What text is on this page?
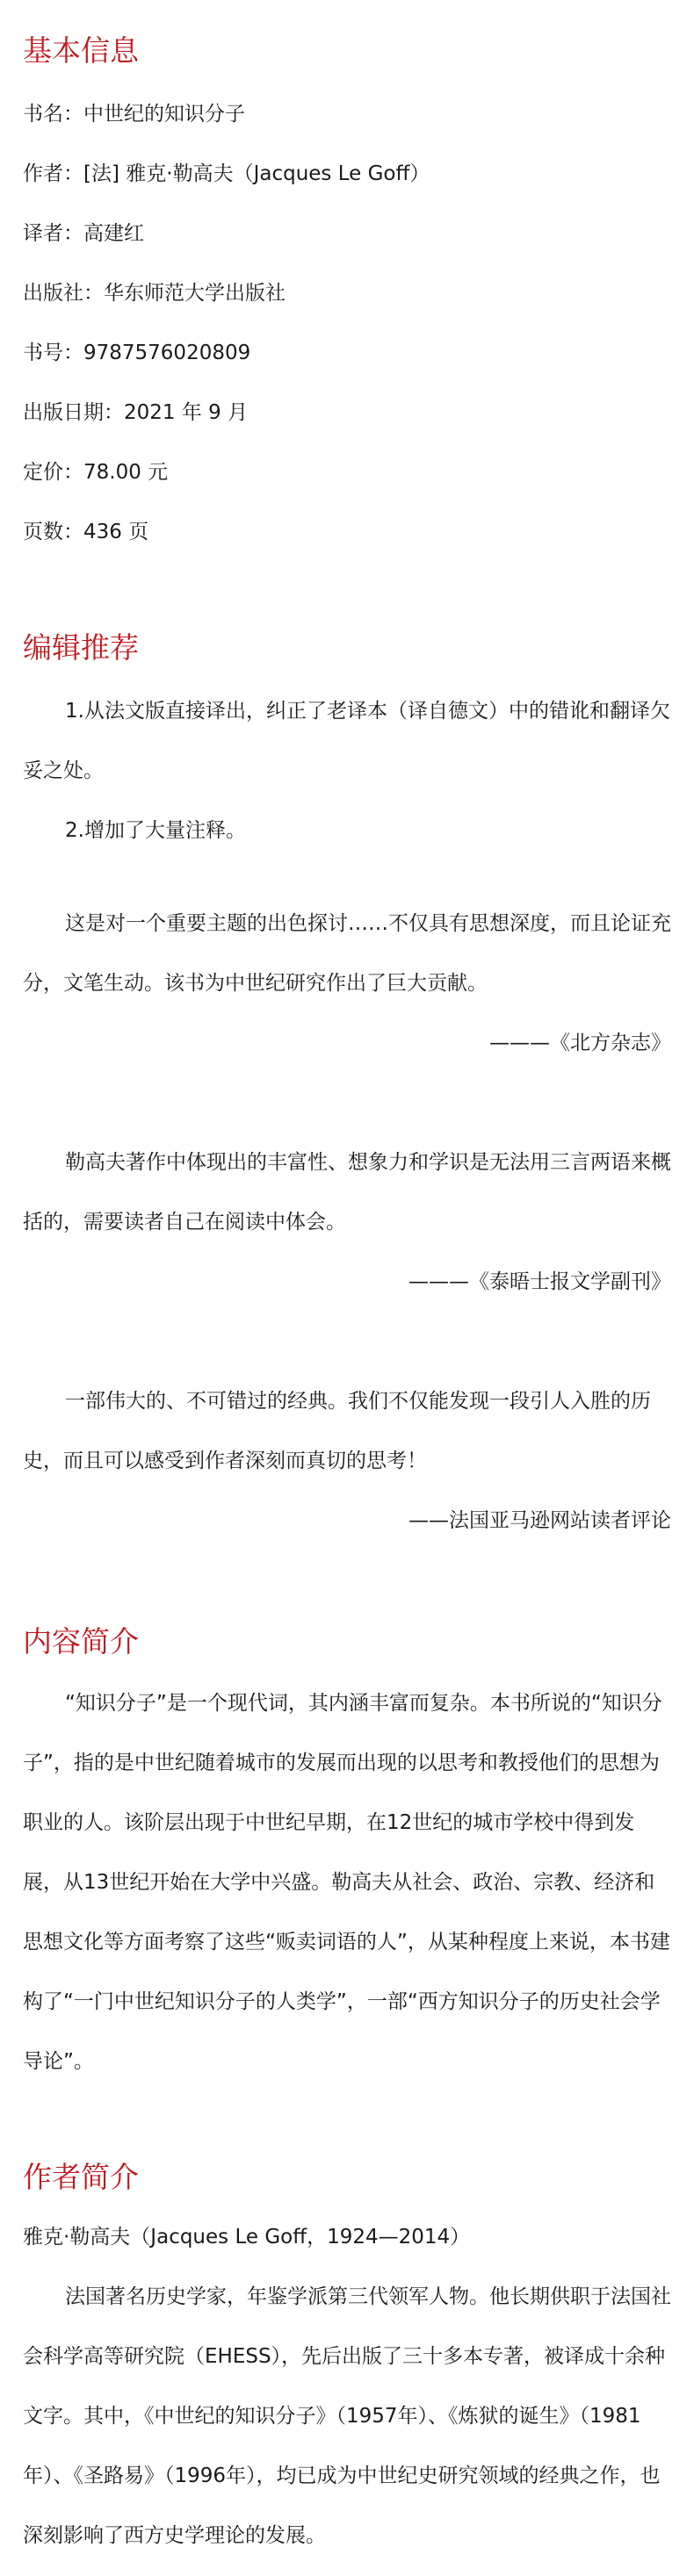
基本信息
书名：中世纪的知识分子
作者：[法] 雅克·勒高夫（Jacques Le Goff）
译者：高建红
出版社：华东师范大学出版社
书号：9787576020809
出版日期：2021 年 9 月
定价：78.00 元
页数：436 页
编辑推荐

1.从法文版直接译出，纠正了老译本（译自德文）中的错讹和翻译欠妥之处。

2.增加了大量注释。

这是对一个重要主题的出色探讨……不仅具有思想深度，而且论证充分，文笔生动。该书为中世纪研究作出了巨大贡献。

———《北方杂志》

勒高夫著作中体现出的丰富性、想象力和学识是无法用三言两语来概括的，需要读者自己在阅读中体会。

———《泰晤士报文学副刊》

一部伟大的、不可错过的经典。我们不仅能发现一段引人入胜的历史，而且可以感受到作者深刻而真切的思考！

——法国亚马逊网站读者评论

内容简介

“知识分子”是一个现代词，其内涵丰富而复杂。本书所说的“知识分子”，指的是中世纪随着城市的发展而出现的以思考和教授他们的思想为职业的人。该阶层出现于中世纪早期，在12世纪的城市学校中得到发展，从13世纪开始在大学中兴盛。勒高夫从社会、政治、宗教、经济和思想文化等方面考察了这些“贩卖词语的人”，从某种程度上来说，本书建构了“一门中世纪知识分子的人类学”，一部“西方知识分子的历史社会学导论”。

作者简介
雅克·勒高夫（Jacques Le Goff，1924—2014）

法国著名历史学家，年鉴学派第三代领军人物。他长期供职于法国社会科学高等研究院（EHESS），先后出版了三十多本专著，被译成十余种文字。其中，《中世纪的知识分子》（1957年）、《炼狱的诞生》（1981年）、《圣路易》（1996年），均已成为中世纪史研究领域的经典之作，也深刻影响了西方史学理论的发展。
